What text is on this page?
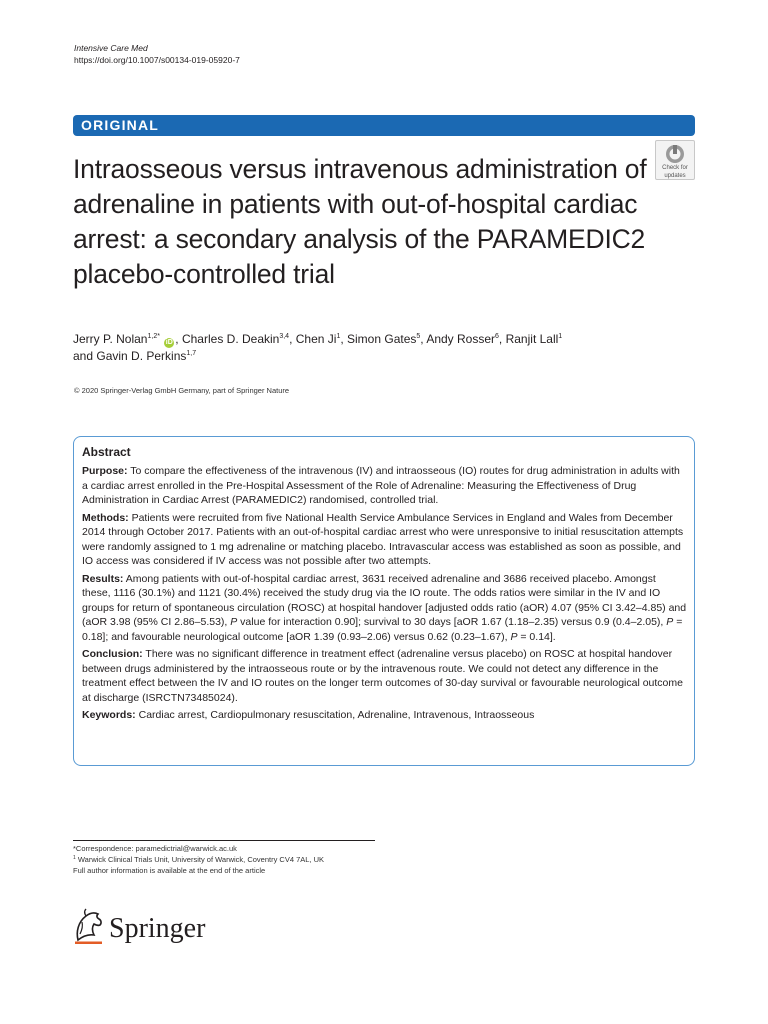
Intensive Care Med
https://doi.org/10.1007/s00134-019-05920-7
ORIGINAL
Intraosseous versus intravenous administration of adrenaline in patients with out-of-hospital cardiac arrest: a secondary analysis of the PARAMEDIC2 placebo-controlled trial
Check for
updates
Jerry P. Nolan$^{1,2*}$ iD , Charles D. Deakin$^{3,4}$, Chen Ji$^1$, Simon Gates$^5$, Andy Rosser$^6$, Ranjit Lall$^1$
and Gavin D. Perkins$^{1,7}$
© 2020 Springer-Verlag GmbH Germany, part of Springer Nature
Abstract

Purpose: To compare the effectiveness of the intravenous (IV) and intraosseous (IO) routes for drug administration in adults with a cardiac arrest enrolled in the Pre-Hospital Assessment of the Role of Adrenaline: Measuring the Effectiveness of Drug Administration in Cardiac Arrest (PARAMEDIC2) randomised, controlled trial.

Methods: Patients were recruited from five National Health Service Ambulance Services in England and Wales from December 2014 through October 2017. Patients with an out-of-hospital cardiac arrest who were unresponsive to initial resuscitation attempts were randomly assigned to 1 mg adrenaline or matching placebo. Intravascular access was established as soon as possible, and IO access was considered if IV access was not possible after two attempts.

Results: Among patients with out-of-hospital cardiac arrest, 3631 received adrenaline and 3686 received placebo. Amongst these, 1116 (30.1%) and 1121 (30.4%) received the study drug via the IO route. The odds ratios were similar in the IV and IO groups for return of spontaneous circulation (ROSC) at hospital handover [adjusted odds ratio (aOR) 4.07 (95% CI 3.42–4.85) and (aOR 3.98 (95% CI 2.86–5.53), P value for interaction 0.90]; survival to 30 days [aOR 1.67 (1.18–2.35) versus 0.9 (0.4–2.05), P = 0.18]; and favourable neurological outcome [aOR 1.39 (0.93–2.06) versus 0.62 (0.23–1.67), P = 0.14].

Conclusion: There was no significant difference in treatment effect (adrenaline versus placebo) on ROSC at hospital handover between drugs administered by the intraosseous route or by the intravenous route. We could not detect any difference in the treatment effect between the IV and IO routes on the longer term outcomes of 30-day survival or favourable neurological outcome at discharge (ISRCTN73485024).

Keywords: Cardiac arrest, Cardiopulmonary resuscitation, Adrenaline, Intravenous, Intraosseous

*Correspondence: paramedictrial@warwick.ac.uk
$^1$ Warwick Clinical Trials Unit, University of Warwick, Coventry CV4 7AL, UK
Full author information is available at the end of the article
Springer
